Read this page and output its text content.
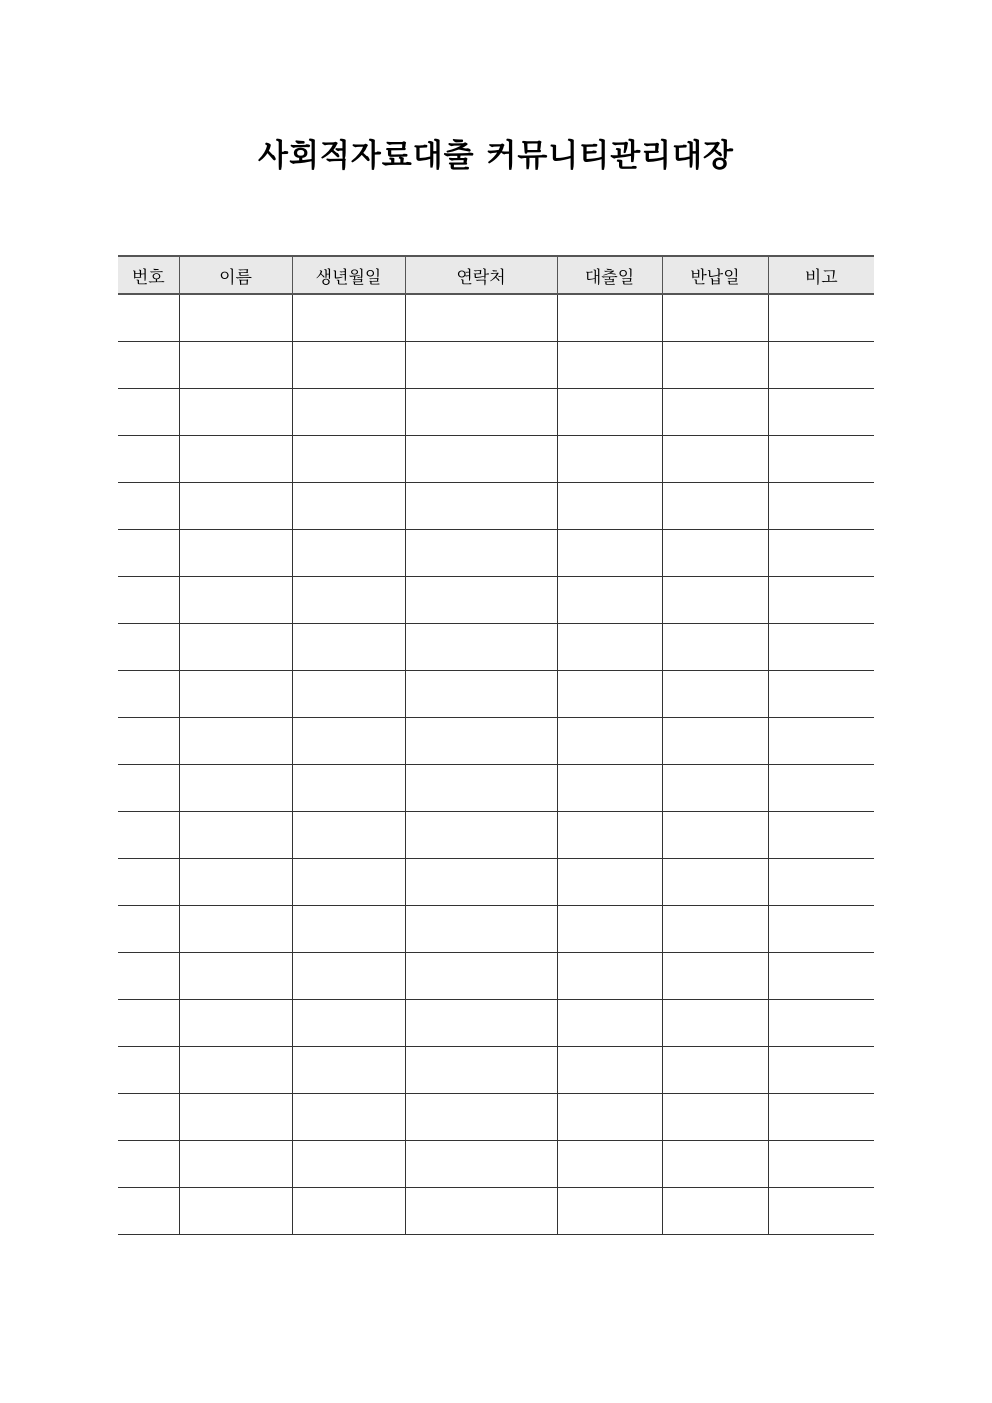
사회적자료대출 커뮤니티관리대장
번호	이름	생년월일	연락처	대출일	반납일	비고
